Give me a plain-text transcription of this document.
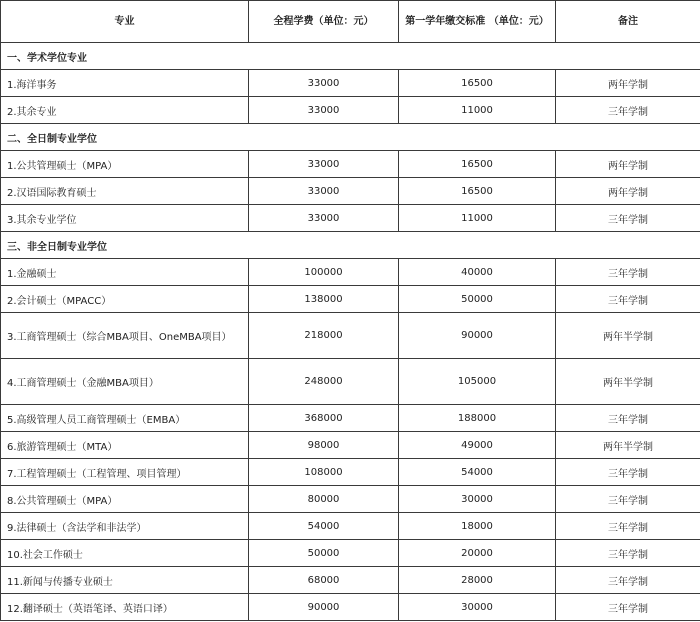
专业	全程学费（单位：元）	第一学年缴交标准 （单位：元）	备注
一、学术学位专业			
1.海洋事务	33000	16500	两年学制
2.其余专业	33000	11000	三年学制
二、全日制专业学位			
1.公共管理硕士（MPA）	33000	16500	两年学制
2.汉语国际教育硕士	33000	16500	两年学制
3.其余专业学位	33000	11000	三年学制
三、非全日制专业学位			
1.金融硕士	100000	40000	三年学制
2.会计硕士（MPACC）	138000	50000	三年学制
3.工商管理硕士（综合MBA项目、OneMBA项目）	218000	90000	两年半学制
4.工商管理硕士（金融MBA项目）	248000	105000	两年半学制
5.高级管理人员工商管理硕士（EMBA）	368000	188000	三年学制
6.旅游管理硕士（MTA）	98000	49000	两年半学制
7.工程管理硕士（工程管理、项目管理）	108000	54000	三年学制
8.公共管理硕士（MPA）	80000	30000	三年学制
9.法律硕士（含法学和非法学）	54000	18000	三年学制
10.社会工作硕士	50000	20000	三年学制
11.新闻与传播专业硕士	68000	28000	三年学制
12.翻译硕士（英语笔译、英语口译）	90000	30000	三年学制
